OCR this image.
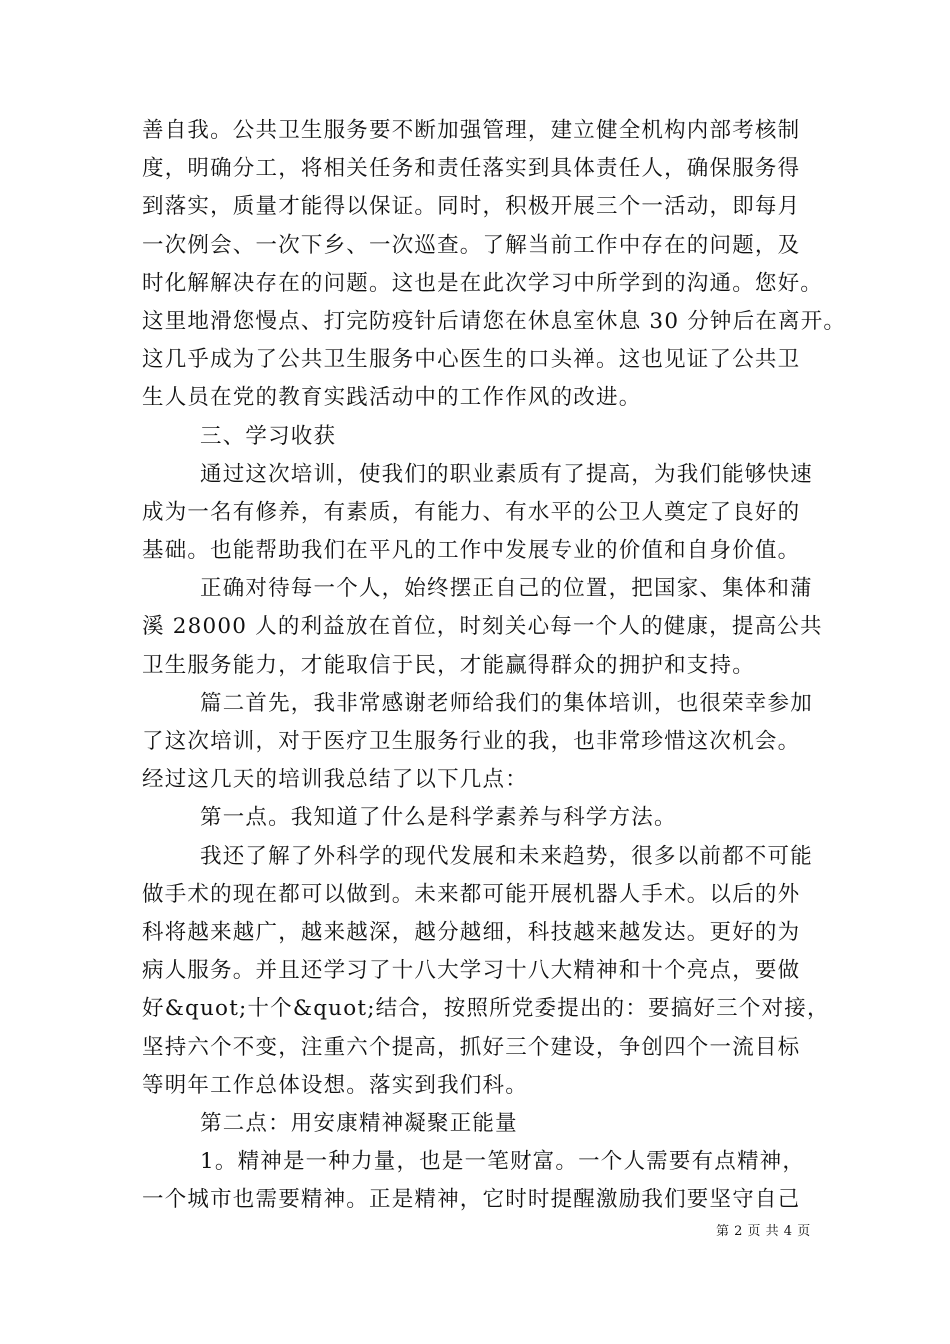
善自我。公共卫生服务要不断加强管理，建立健全机构内部考核制
度，明确分工，将相关任务和责任落实到具体责任人，确保服务得
到落实，质量才能得以保证。同时，积极开展三个一活动，即每月
一次例会、一次下乡、一次巡查。了解当前工作中存在的问题，及
时化解解决存在的问题。这也是在此次学习中所学到的沟通。您好。
这里地滑您慢点、打完防疫针后请您在休息室休息 30 分钟后在离开。
这几乎成为了公共卫生服务中心医生的口头禅。这也见证了公共卫
生人员在党的教育实践活动中的工作作风的改进。
三、学习收获
通过这次培训，使我们的职业素质有了提高，为我们能够快速
成为一名有修养，有素质，有能力、有水平的公卫人奠定了良好的
基础。也能帮助我们在平凡的工作中发展专业的价值和自身价值。
正确对待每一个人，始终摆正自己的位置，把国家、集体和蒲
溪 28000 人的利益放在首位，时刻关心每一个人的健康，提高公共
卫生服务能力，才能取信于民，才能赢得群众的拥护和支持。
篇二首先，我非常感谢老师给我们的集体培训，也很荣幸参加
了这次培训，对于医疗卫生服务行业的我，也非常珍惜这次机会。
经过这几天的培训我总结了以下几点：
第一点。我知道了什么是科学素养与科学方法。
我还了解了外科学的现代发展和未来趋势，很多以前都不可能
做手术的现在都可以做到。未来都可能开展机器人手术。以后的外
科将越来越广，越来越深，越分越细，科技越来越发达。更好的为
病人服务。并且还学习了十八大学习十八大精神和十个亮点，要做
好&quot;十个&quot;结合，按照所党委提出的：要搞好三个对接，
坚持六个不变，注重六个提高，抓好三个建设，争创四个一流目标
等明年工作总体设想。落实到我们科。
第二点：用安康精神凝聚正能量
1。精神是一种力量，也是一笔财富。一个人需要有点精神，
一个城市也需要精神。正是精神，它时时提醒激励我们要坚守自己
第 2 页 共 4 页
